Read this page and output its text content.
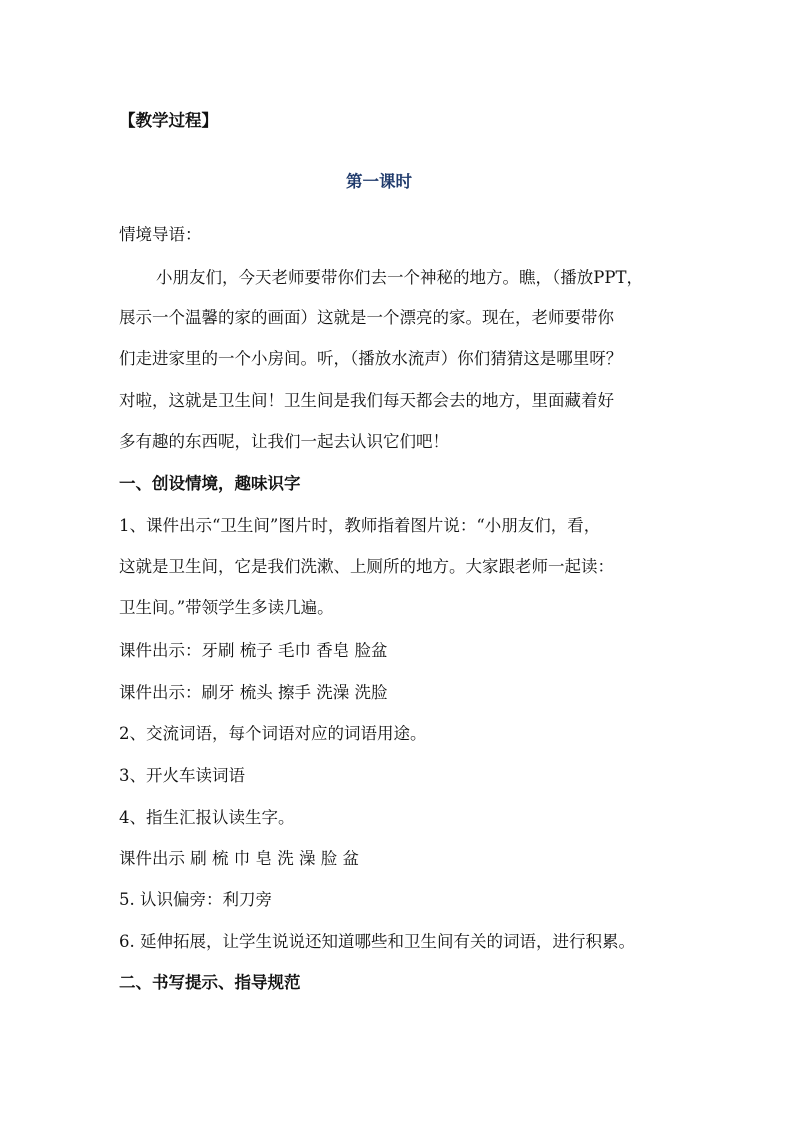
【教学过程】
第一课时
情境导语：
小朋友们，今天老师要带你们去一个神秘的地方。瞧，（播放PPT，
展示一个温馨的家的画面）这就是一个漂亮的家。现在，老师要带你
们走进家里的一个小房间。听，（播放水流声）你们猜猜这是哪里呀？
对啦，这就是卫生间！卫生间是我们每天都会去的地方，里面藏着好
多有趣的东西呢，让我们一起去认识它们吧！
一、创设情境，趣味识字
1、课件出示“卫生间”图片时，教师指着图片说：“小朋友们，看，
这就是卫生间，它是我们洗漱、上厕所的地方。大家跟老师一起读：
卫生间。”带领学生多读几遍。
课件出示：牙刷 梳子 毛巾 香皂 脸盆
课件出示：刷牙 梳头 擦手 洗澡 洗脸
2、交流词语，每个词语对应的词语用途。
3、开火车读词语
4、指生汇报认读生字。
课件出示 刷 梳 巾 皂 洗 澡 脸 盆
5. 认识偏旁：利刀旁
6. 延伸拓展，让学生说说还知道哪些和卫生间有关的词语，进行积累。
二、书写提示、指导规范
